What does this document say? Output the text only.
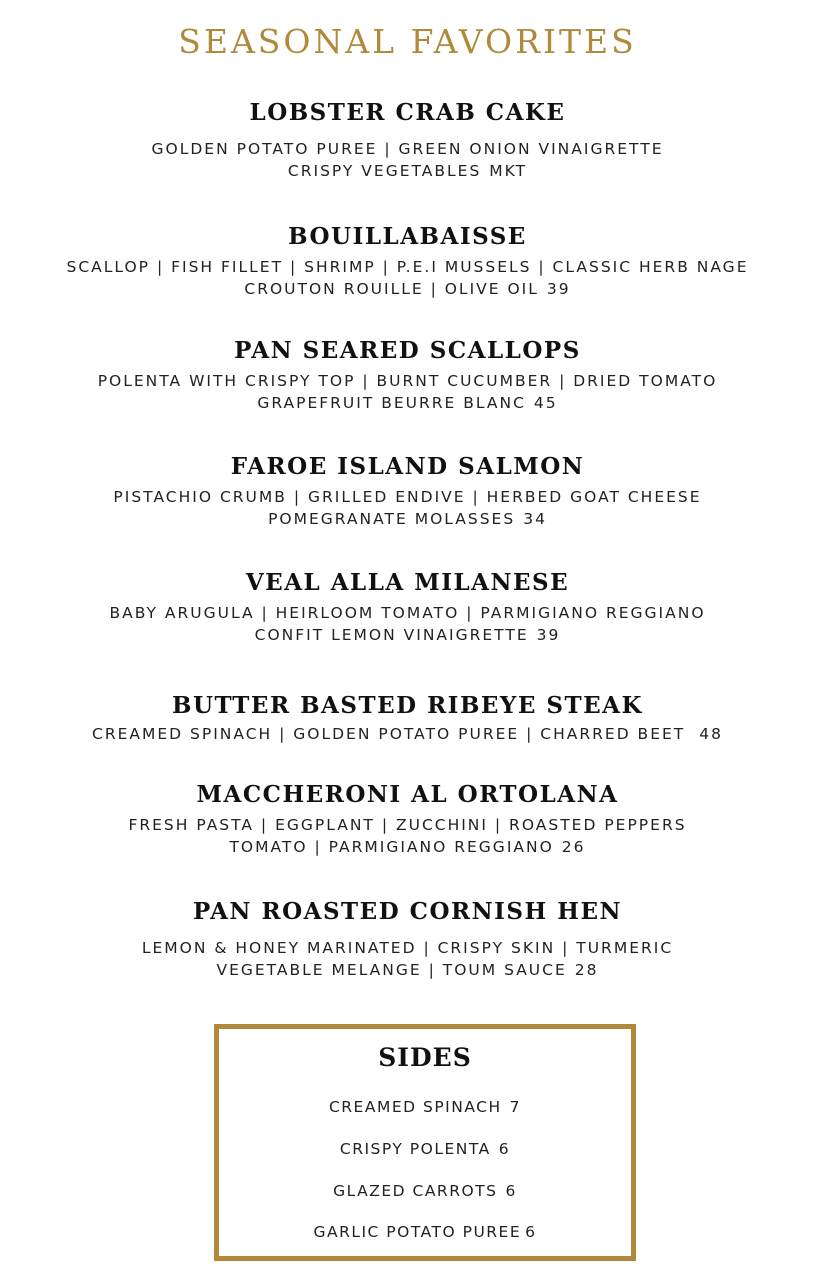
SEASONAL FAVORITES
LOBSTER CRAB CAKE
GOLDEN POTATO PUREE | GREEN ONION VINAIGRETTE
CRISPY VEGETABLES MKT
BOUILLABAISSE
SCALLOP | FISH FILLET | SHRIMP | P.E.I MUSSELS | CLASSIC HERB NAGE
CROUTON ROUILLE | OLIVE OIL 39
PAN SEARED SCALLOPS
POLENTA WITH CRISPY TOP | BURNT CUCUMBER | DRIED TOMATO
GRAPEFRUIT BEURRE BLANC 45
FAROE ISLAND SALMON
PISTACHIO CRUMB | GRILLED ENDIVE | HERBED GOAT CHEESE
POMEGRANATE MOLASSES 34
VEAL ALLA MILANESE
BABY ARUGULA | HEIRLOOM TOMATO | PARMIGIANO REGGIANO
CONFIT LEMON VINAIGRETTE 39
BUTTER BASTED RIBEYE STEAK
CREAMED SPINACH | GOLDEN POTATO PUREE | CHARRED BEET 48
MACCHERONI AL ORTOLANA
FRESH PASTA | EGGPLANT | ZUCCHINI | ROASTED PEPPERS
TOMATO | PARMIGIANO REGGIANO 26
PAN ROASTED CORNISH HEN
LEMON & HONEY MARINATED | CRISPY SKIN | TURMERIC
VEGETABLE MELANGE | TOUM SAUCE 28
SIDES
CREAMED SPINACH 7
CRISPY POLENTA 6
GLAZED CARROTS 6
GARLIC POTATO PUREE 6
